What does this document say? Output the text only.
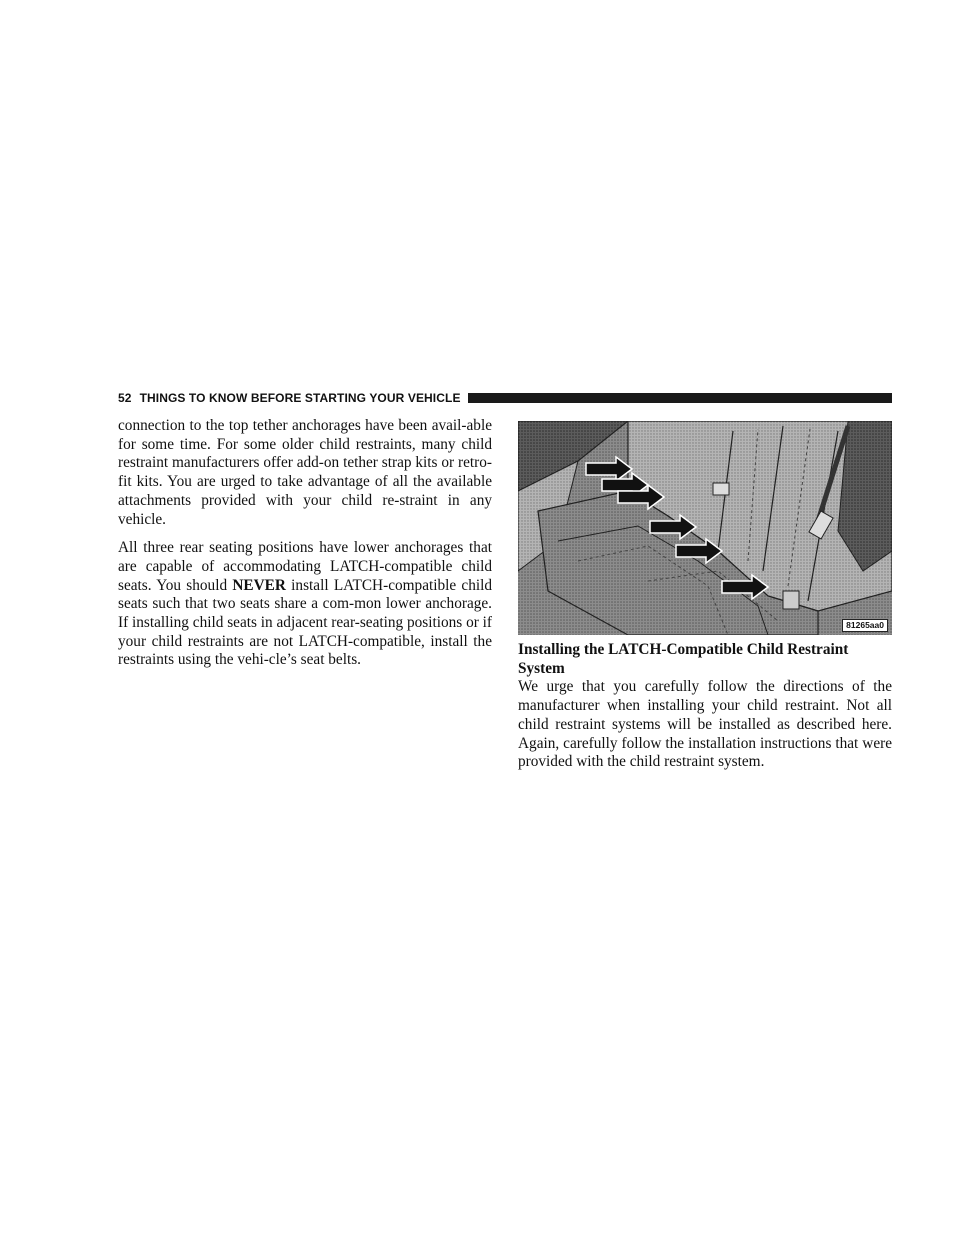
52 THINGS TO KNOW BEFORE STARTING YOUR VEHICLE

connection to the top tether anchorages have been avail-able for some time. For some older child restraints, many child restraint manufacturers offer add-on tether strap kits or retro-fit kits. You are urged to take advantage of all the available attachments provided with your child re-straint in any vehicle.

All three rear seating positions have lower anchorages that are capable of accommodating LATCH-compatible child seats. You should NEVER install LATCH-compatible child seats such that two seats share a com-mon lower anchorage. If installing child seats in adjacent rear-seating positions or if your child restraints are not LATCH-compatible, install the restraints using the vehi-cle’s seat belts.

81265aa0

Installing the LATCH-Compatible Child Restraint System

We urge that you carefully follow the directions of the manufacturer when installing your child restraint. Not all child restraint systems will be installed as described here. Again, carefully follow the installation instructions that were provided with the child restraint system.
